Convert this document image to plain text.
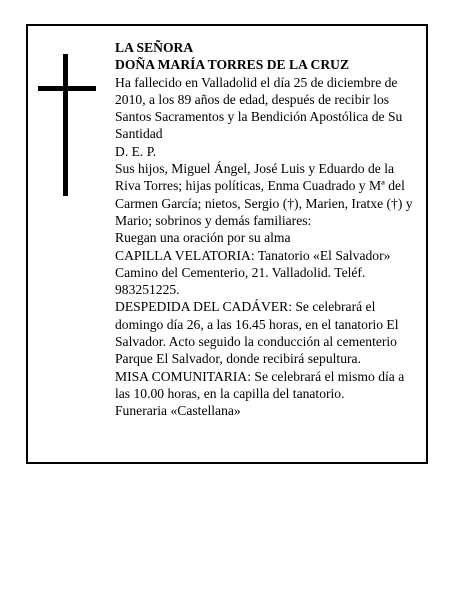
LA SEÑORA

DOÑA MARÍA TORRES DE LA CRUZ

Ha fallecido en Valladolid el día 25 de diciembre de 2010, a los 89 años de edad, después de recibir los Santos Sacramentos y la Bendición Apostólica de Su Santidad

D. E. P.

Sus hijos, Miguel Ángel, José Luis y Eduardo de la Riva Torres; hijas políticas, Enma Cuadrado y Mª del Carmen García; nietos, Sergio (†), Marien, Iratxe (†) y Mario; sobrinos y demás familiares:

Ruegan una oración por su alma

CAPILLA VELATORIA: Tanatorio «El Salvador» Camino del Cementerio, 21. Valladolid. Teléf. 983251225.

DESPEDIDA DEL CADÁVER: Se celebrará el domingo día 26, a las 16.45 horas, en el tanatorio El Salvador. Acto seguido la conducción al cementerio Parque El Salvador, donde recibirá sepultura.

MISA COMUNITARIA: Se celebrará el mismo día a las 10.00 horas, en la capilla del tanatorio.

Funeraria «Castellana»
